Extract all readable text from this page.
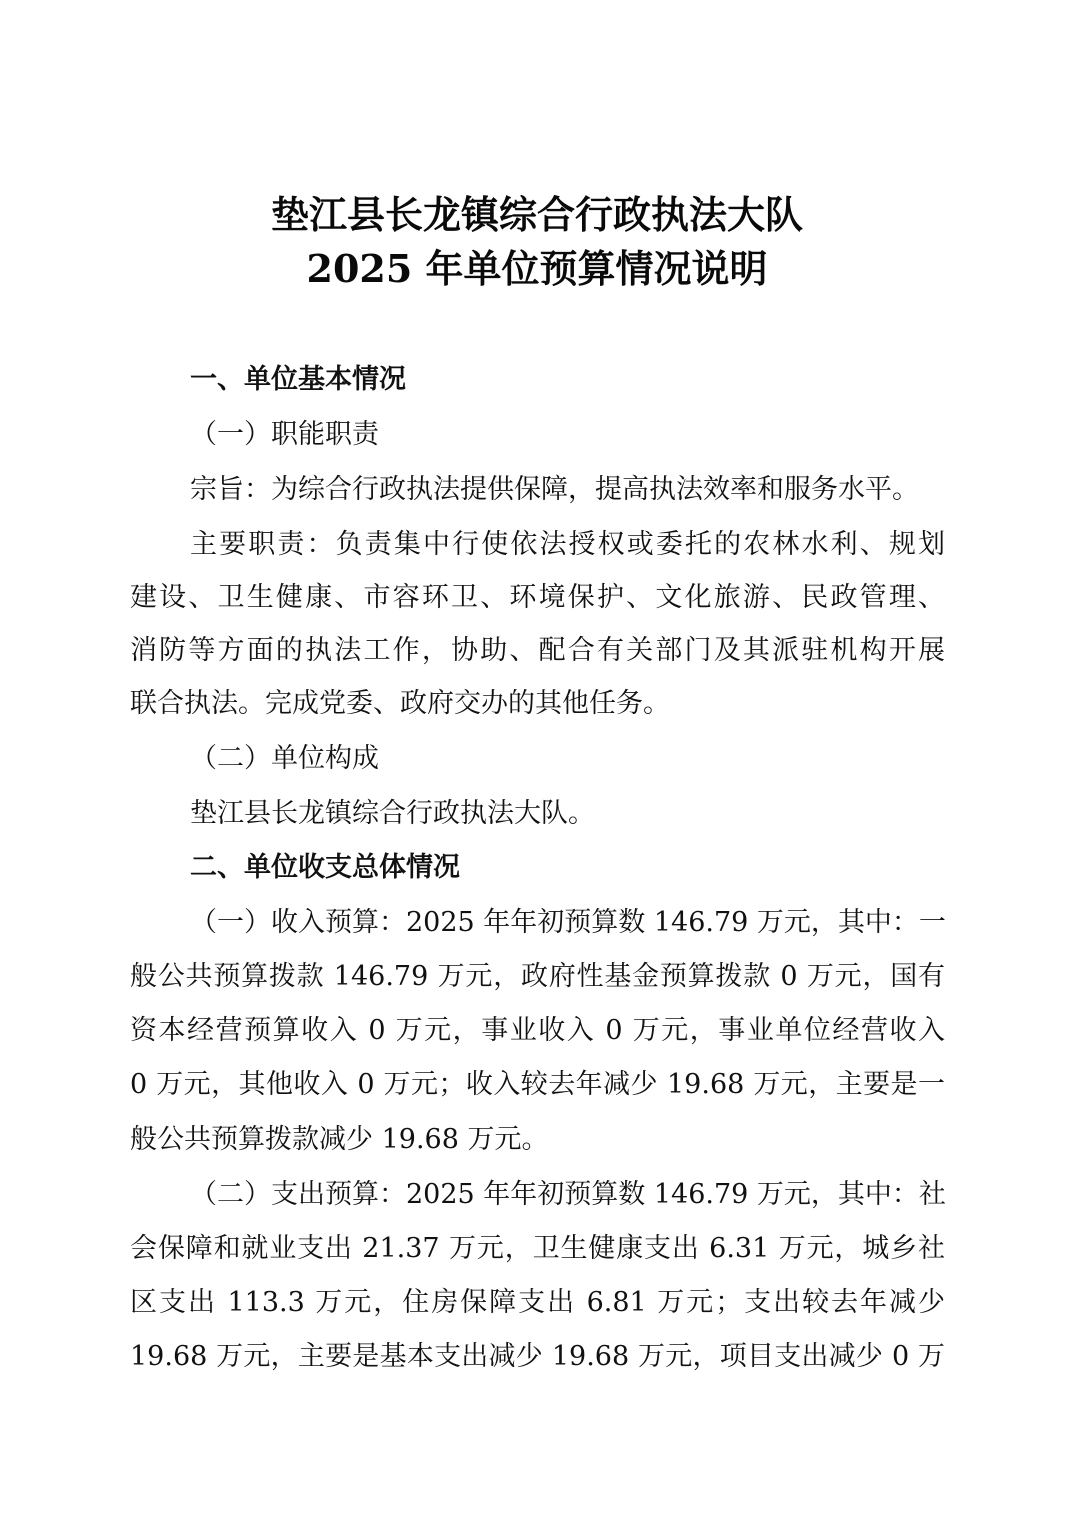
垫江县长龙镇综合行政执法大队
2025 年单位预算情况说明
一、单位基本情况
（一）职能职责
宗旨：为综合行政执法提供保障，提高执法效率和服务水平。
主要职责：负责集中行使依法授权或委托的农林水利、规划
建设、卫生健康、市容环卫、环境保护、文化旅游、民政管理、
消防等方面的执法工作，协助、配合有关部门及其派驻机构开展
联合执法。完成党委、政府交办的其他任务。
（二）单位构成
垫江县长龙镇综合行政执法大队。
二、单位收支总体情况
（一）收入预算：2025 年年初预算数 146.79 万元，其中：一
般公共预算拨款 146.79 万元，政府性基金预算拨款 0 万元，国有
资本经营预算收入 0 万元，事业收入 0 万元，事业单位经营收入
0 万元，其他收入 0 万元；收入较去年减少 19.68 万元，主要是一
般公共预算拨款减少 19.68 万元。
（二）支出预算：2025 年年初预算数 146.79 万元，其中：社
会保障和就业支出 21.37 万元，卫生健康支出 6.31 万元，城乡社
区支出 113.3 万元，住房保障支出 6.81 万元；支出较去年减少
19.68 万元，主要是基本支出减少 19.68 万元，项目支出减少 0 万
